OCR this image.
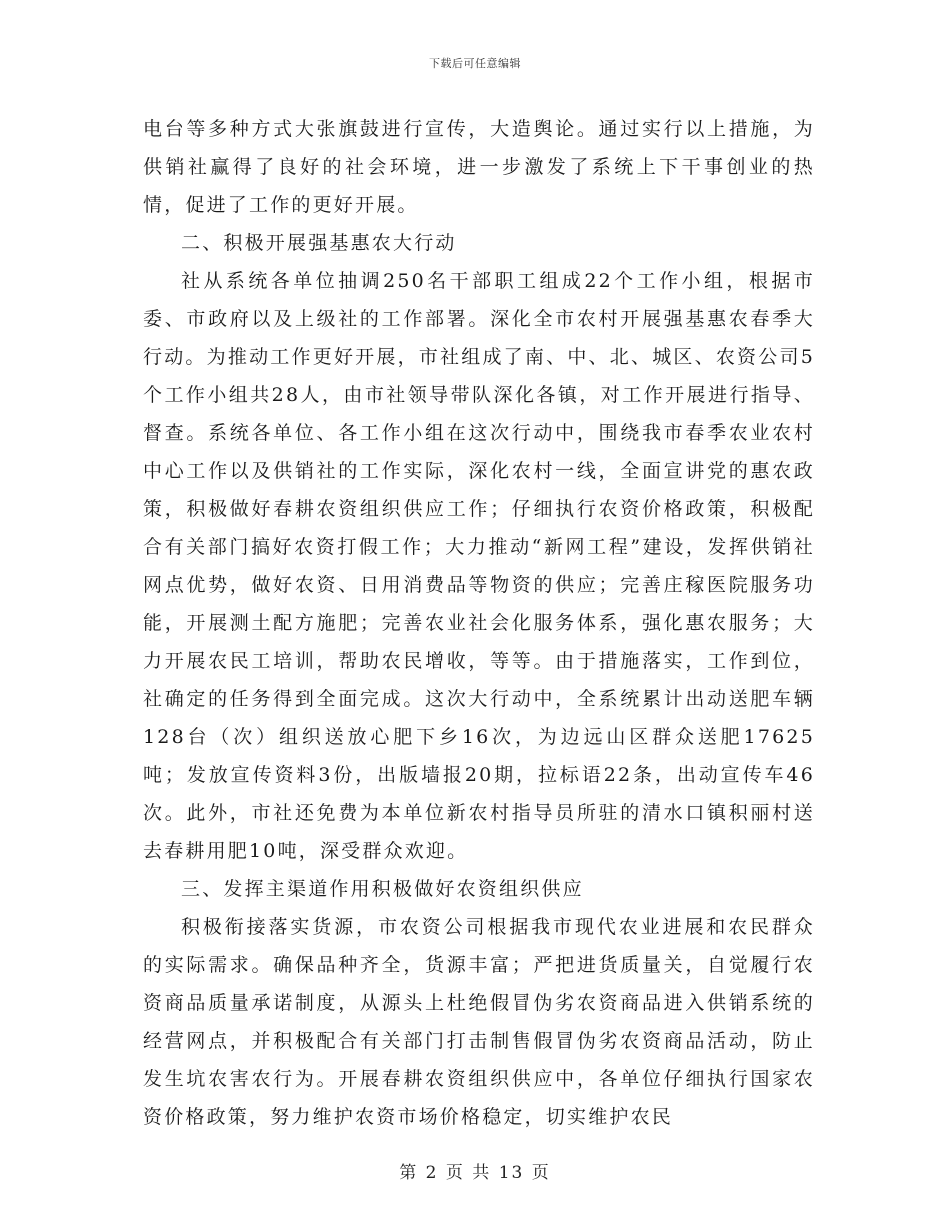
下载后可任意编辑

电台等多种方式大张旗鼓进行宣传，大造舆论。通过实行以上措施，为供销社赢得了良好的社会环境，进一步激发了系统上下干事创业的热情，促进了工作的更好开展。

二、积极开展强基惠农大行动

社从系统各单位抽调250名干部职工组成22个工作小组，根据市委、市政府以及上级社的工作部署。深化全市农村开展强基惠农春季大行动。为推动工作更好开展，市社组成了南、中、北、城区、农资公司5个工作小组共28人，由市社领导带队深化各镇，对工作开展进行指导、督查。系统各单位、各工作小组在这次行动中，围绕我市春季农业农村中心工作以及供销社的工作实际，深化农村一线，全面宣讲党的惠农政策，积极做好春耕农资组织供应工作；仔细执行农资价格政策，积极配合有关部门搞好农资打假工作；大力推动“新网工程”建设，发挥供销社网点优势，做好农资、日用消费品等物资的供应；完善庄稼医院服务功能，开展测土配方施肥；完善农业社会化服务体系，强化惠农服务；大力开展农民工培训，帮助农民增收，等等。由于措施落实，工作到位，社确定的任务得到全面完成。这次大行动中，全系统累计出动送肥车辆128台（次）组织送放心肥下乡16次，为边远山区群众送肥17625吨；发放宣传资料3份，出版墙报20期，拉标语22条，出动宣传车46次。此外，市社还免费为本单位新农村指导员所驻的清水口镇积丽村送去春耕用肥10吨，深受群众欢迎。

三、发挥主渠道作用积极做好农资组织供应

积极衔接落实货源，市农资公司根据我市现代农业进展和农民群众的实际需求。确保品种齐全，货源丰富；严把进货质量关，自觉履行农资商品质量承诺制度，从源头上杜绝假冒伪劣农资商品进入供销系统的经营网点，并积极配合有关部门打击制售假冒伪劣农资商品活动，防止发生坑农害农行为。开展春耕农资组织供应中，各单位仔细执行国家农资价格政策，努力维护农资市场价格稳定，切实维护农民

第 2 页 共 13 页
